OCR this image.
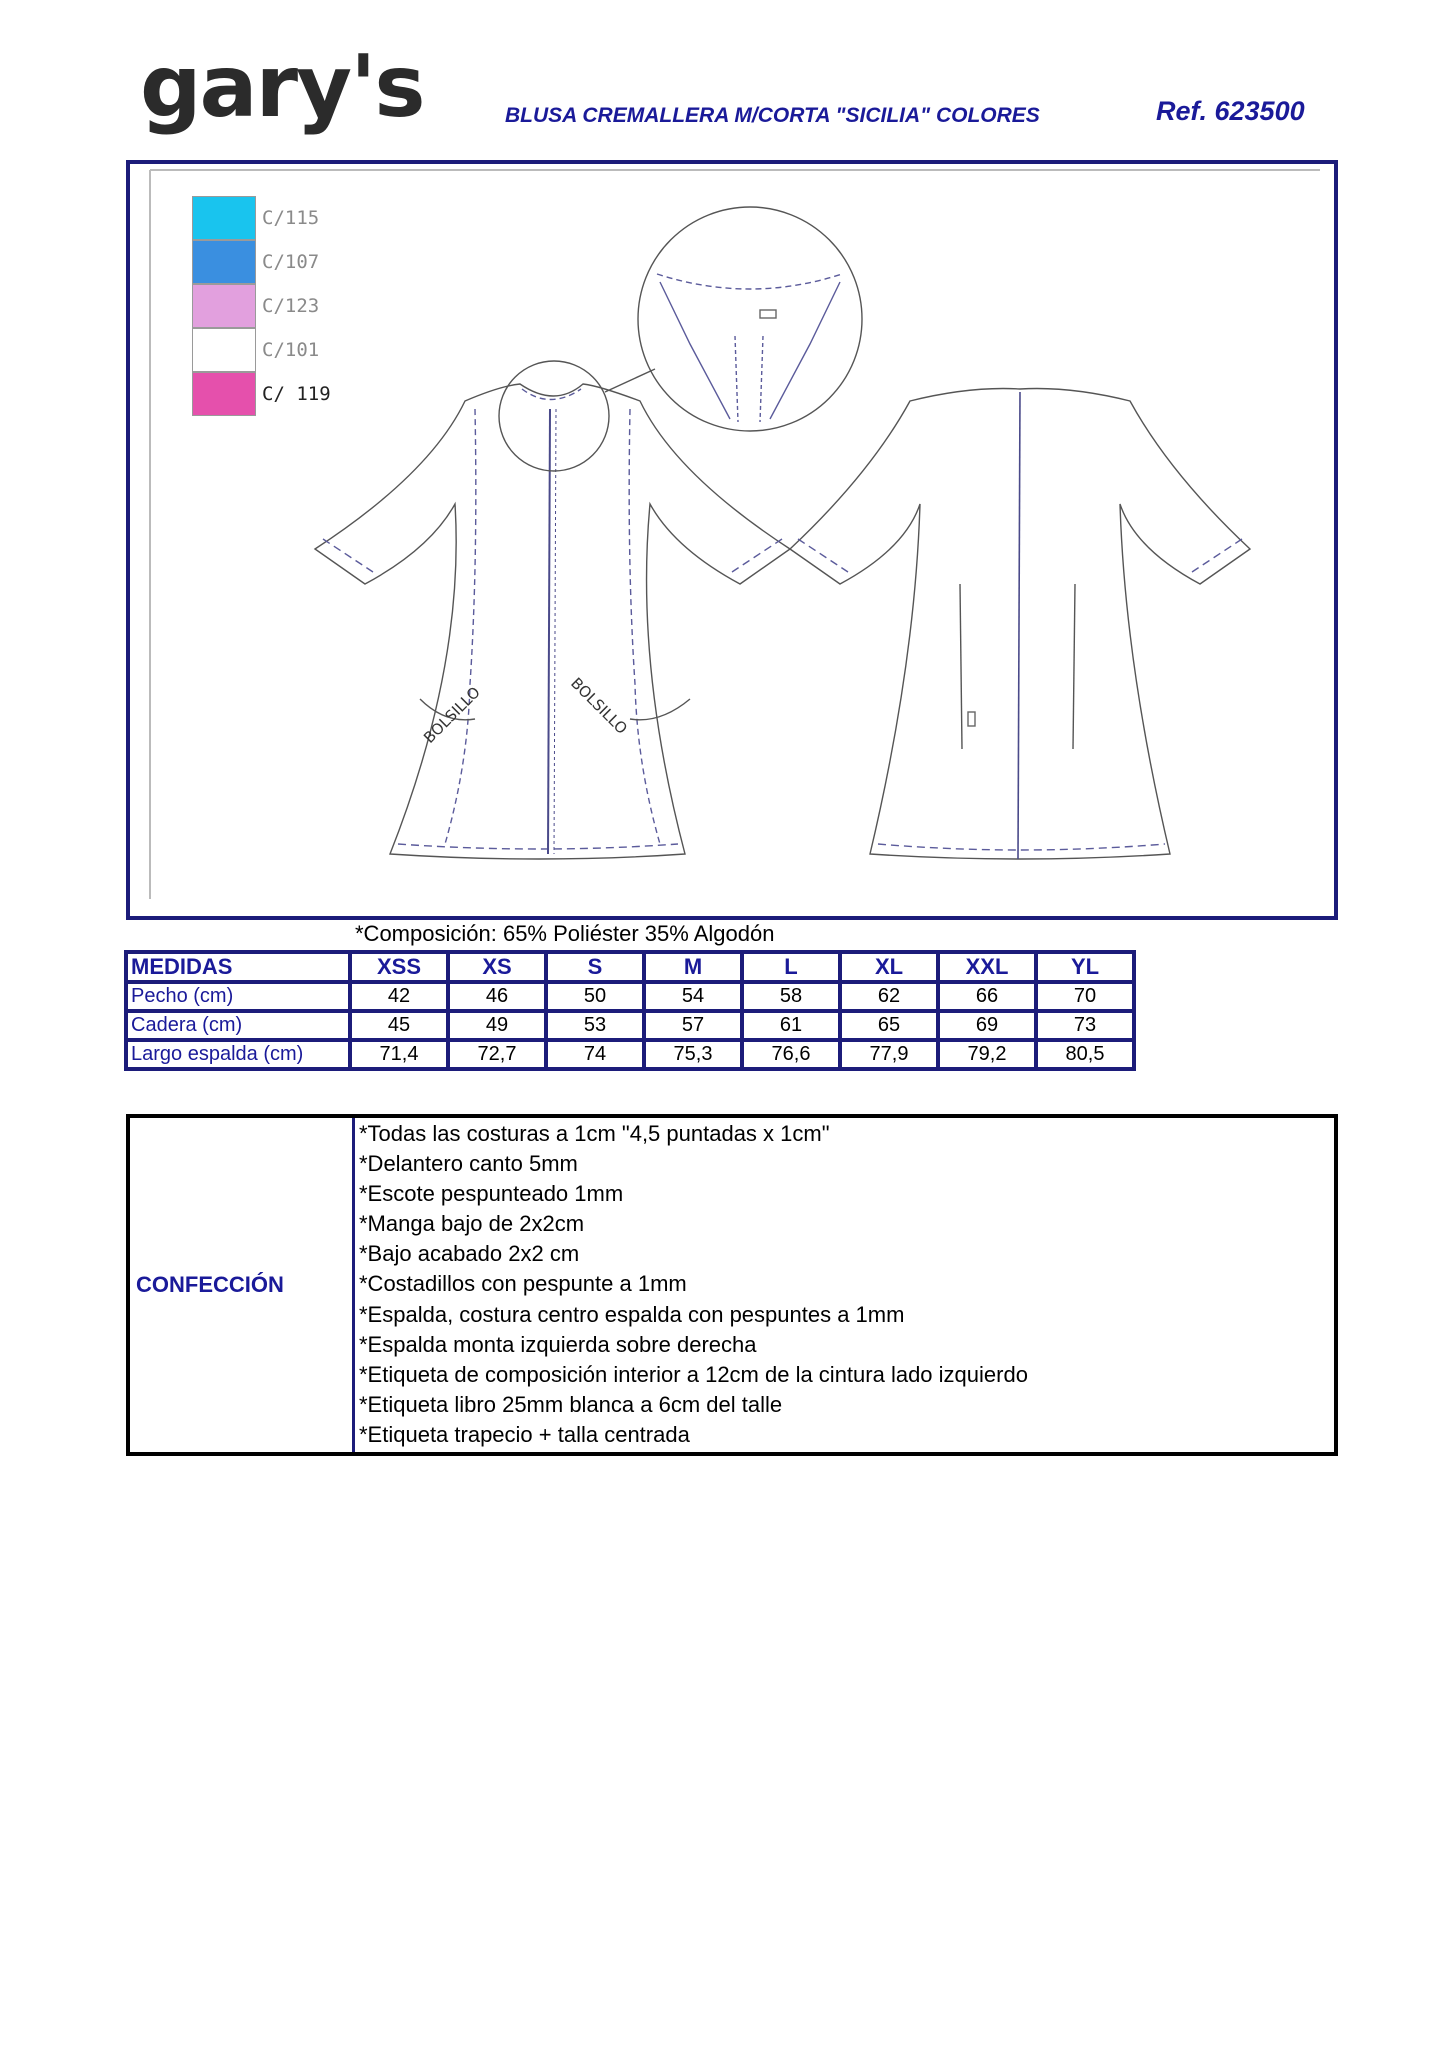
gary's	BLUSA CREMALLERA M/CORTA "SICILIA" COLORES	Ref. 623500
BOLSILLO	BOLSILLO
C/115
C/107
C/123
C/101
C/ 119
*Composición: 65% Poliéster 35% Algodón
MEDIDAS	XSS	XS	S	M	L	XL	XXL	YL
Pecho (cm)	42	46	50	54	58	62	66	70
Cadera (cm)	45	49	53	57	61	65	69	73
Largo espalda (cm)	71,4	72,7	74	75,3	76,6	77,9	79,2	80,5
CONFECCIÓN
*Todas las costuras a 1cm "4,5 puntadas x 1cm"
*Delantero canto 5mm
*Escote pespunteado 1mm
*Manga bajo de 2x2cm
*Bajo acabado 2x2 cm
*Costadillos con pespunte a 1mm
*Espalda, costura centro espalda con pespuntes a 1mm
*Espalda monta izquierda sobre derecha
*Etiqueta de composición interior a 12cm de la cintura lado izquierdo
*Etiqueta libro 25mm blanca a 6cm del talle
*Etiqueta trapecio + talla centrada
